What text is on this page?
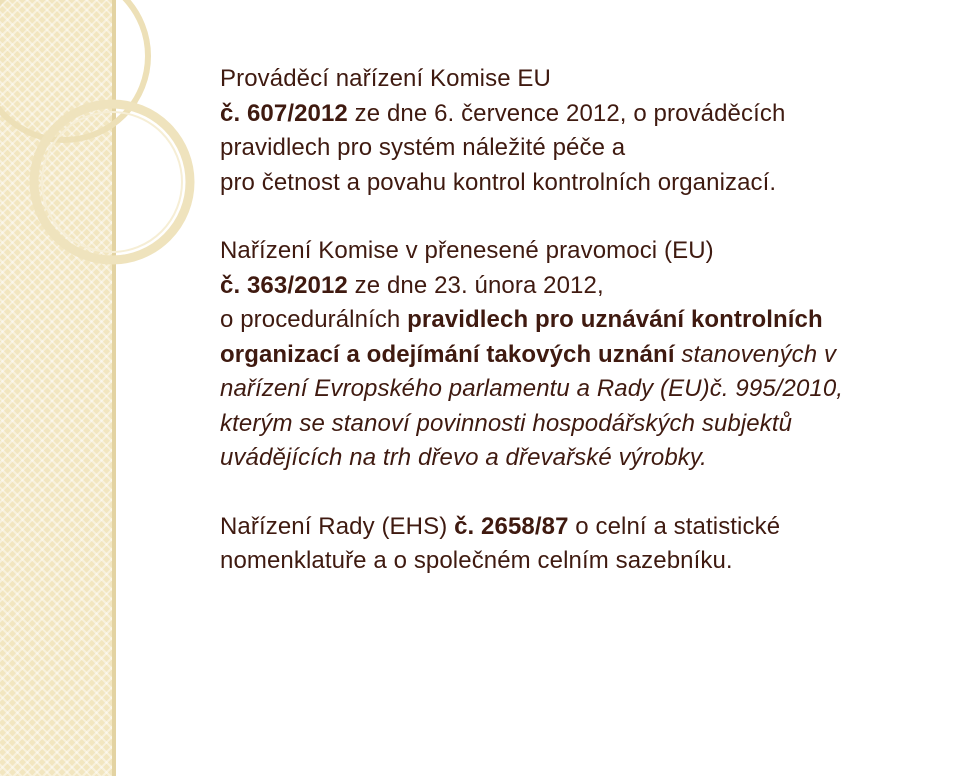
Prováděcí nařízení Komise EU
č. 607/2012 ze dne 6. července 2012, o prováděcích
pravidlech pro systém náležité péče a
pro četnost a povahu kontrol kontrolních organizací.
Nařízení Komise v přenesené pravomoci (EU)
č. 363/2012 ze dne 23. února 2012,
o procedurálních pravidlech pro uznávání kontrolních
organizací a odejímání takových uznání stanovených v
nařízení Evropského parlamentu a Rady (EU)č. 995/2010,
kterým se stanoví povinnosti hospodářských subjektů
uvádějících na trh dřevo a dřevařské výrobky.
Nařízení Rady (EHS) č. 2658/87 o celní a statistické
nomenklatuře a o společném celním sazebníku.
